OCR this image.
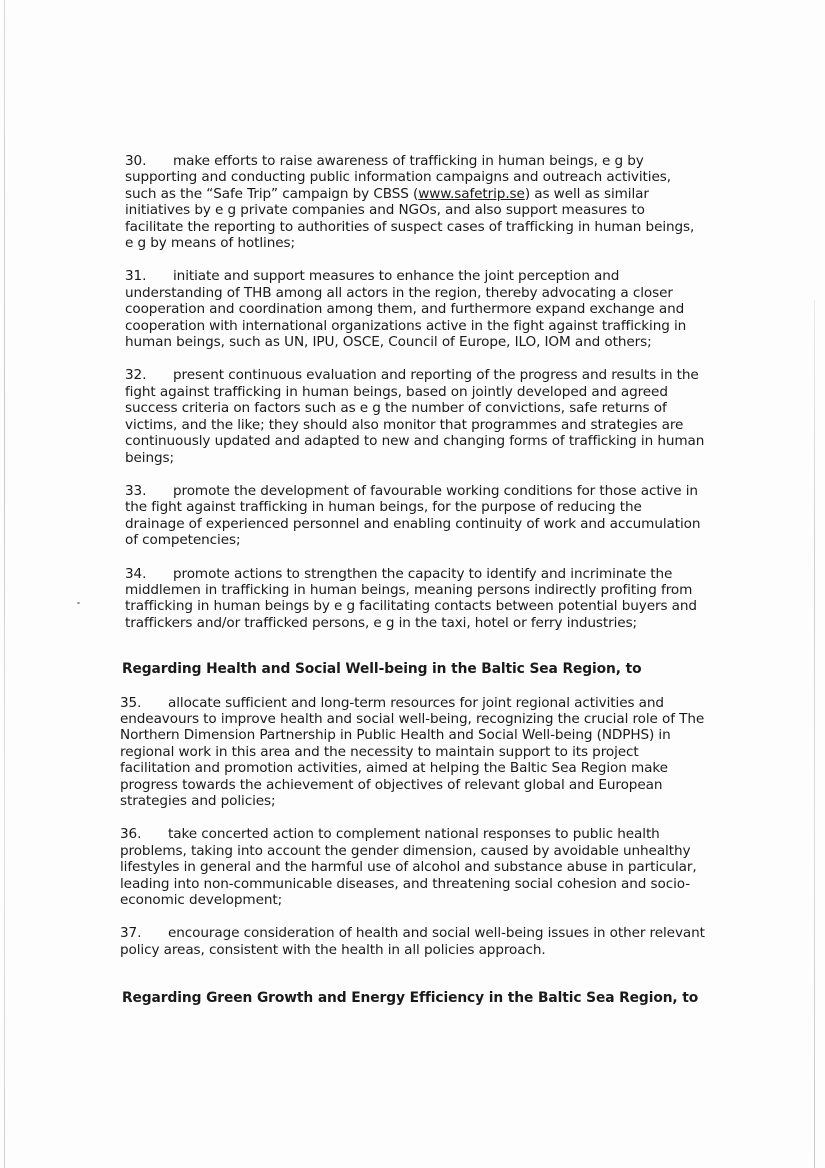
30. make efforts to raise awareness of trafficking in human beings, e g by supporting and conducting public information campaigns and outreach activities, such as the “Safe Trip” campaign by CBSS (www.safetrip.se) as well as similar initiatives by e g private companies and NGOs, and also support measures to facilitate the reporting to authorities of suspect cases of trafficking in human beings, e g by means of hotlines;

31. initiate and support measures to enhance the joint perception and understanding of THB among all actors in the region, thereby advocating a closer cooperation and coordination among them, and furthermore expand exchange and cooperation with international organizations active in the fight against trafficking in human beings, such as UN, IPU, OSCE, Council of Europe, ILO, IOM and others;

32. present continuous evaluation and reporting of the progress and results in the fight against trafficking in human beings, based on jointly developed and agreed success criteria on factors such as e g the number of convictions, safe returns of victims, and the like; they should also monitor that programmes and strategies are continuously updated and adapted to new and changing forms of trafficking in human beings;

33. promote the development of favourable working conditions for those active in the fight against trafficking in human beings, for the purpose of reducing the drainage of experienced personnel and enabling continuity of work and accumulation of competencies;

34. promote actions to strengthen the capacity to identify and incriminate the middlemen in trafficking in human beings, meaning persons indirectly profiting from trafficking in human beings by e g facilitating contacts between potential buyers and traffickers and/or trafficked persons, e g in the taxi, hotel or ferry industries;

Regarding Health and Social Well-being in the Baltic Sea Region, to

35. allocate sufficient and long-term resources for joint regional activities and endeavours to improve health and social well-being, recognizing the crucial role of The Northern Dimension Partnership in Public Health and Social Well-being (NDPHS) in regional work in this area and the necessity to maintain support to its project facilitation and promotion activities, aimed at helping the Baltic Sea Region make progress towards the achievement of objectives of relevant global and European strategies and policies;

36. take concerted action to complement national responses to public health problems, taking into account the gender dimension, caused by avoidable unhealthy lifestyles in general and the harmful use of alcohol and substance abuse in particular, leading into non-communicable diseases, and threatening social cohesion and socio-economic development;

37. encourage consideration of health and social well-being issues in other relevant policy areas, consistent with the health in all policies approach.

Regarding Green Growth and Energy Efficiency in the Baltic Sea Region, to
